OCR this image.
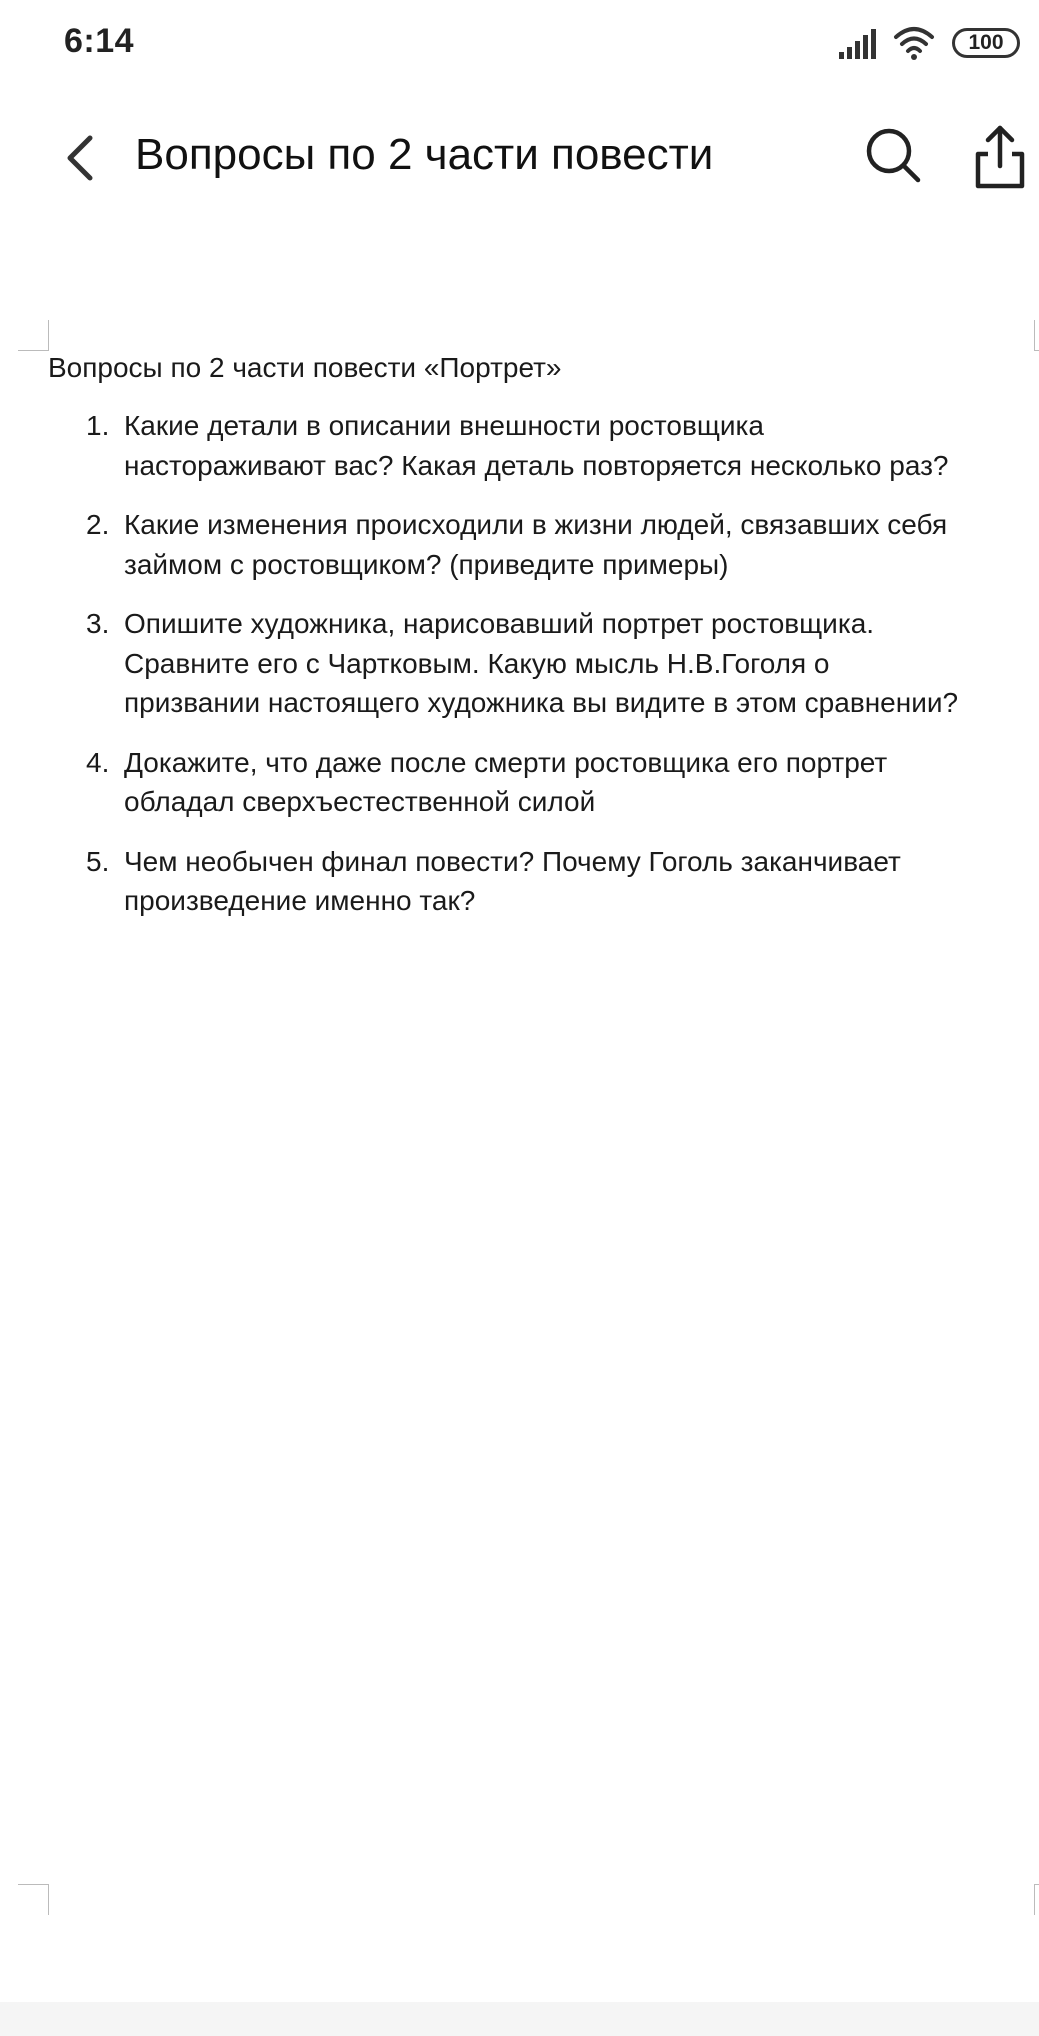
6:14	100
Вопросы по 2 части повести
Вопросы по 2 части повести «Портрет»
1. Какие детали в описании внешности ростовщика
настораживают вас? Какая деталь повторяется несколько раз?
2. Какие изменения происходили в жизни людей, связавших себя
займом с ростовщиком? (приведите примеры)
3. Опишите художника, нарисовавший портрет ростовщика.
Сравните его с Чартковым. Какую мысль Н.В.Гоголя о
призвании настоящего художника вы видите в этом сравнении?
4. Докажите, что даже после смерти ростовщика его портрет
обладал сверхъестественной силой
5. Чем необычен финал повести? Почему Гоголь заканчивает
произведение именно так?
